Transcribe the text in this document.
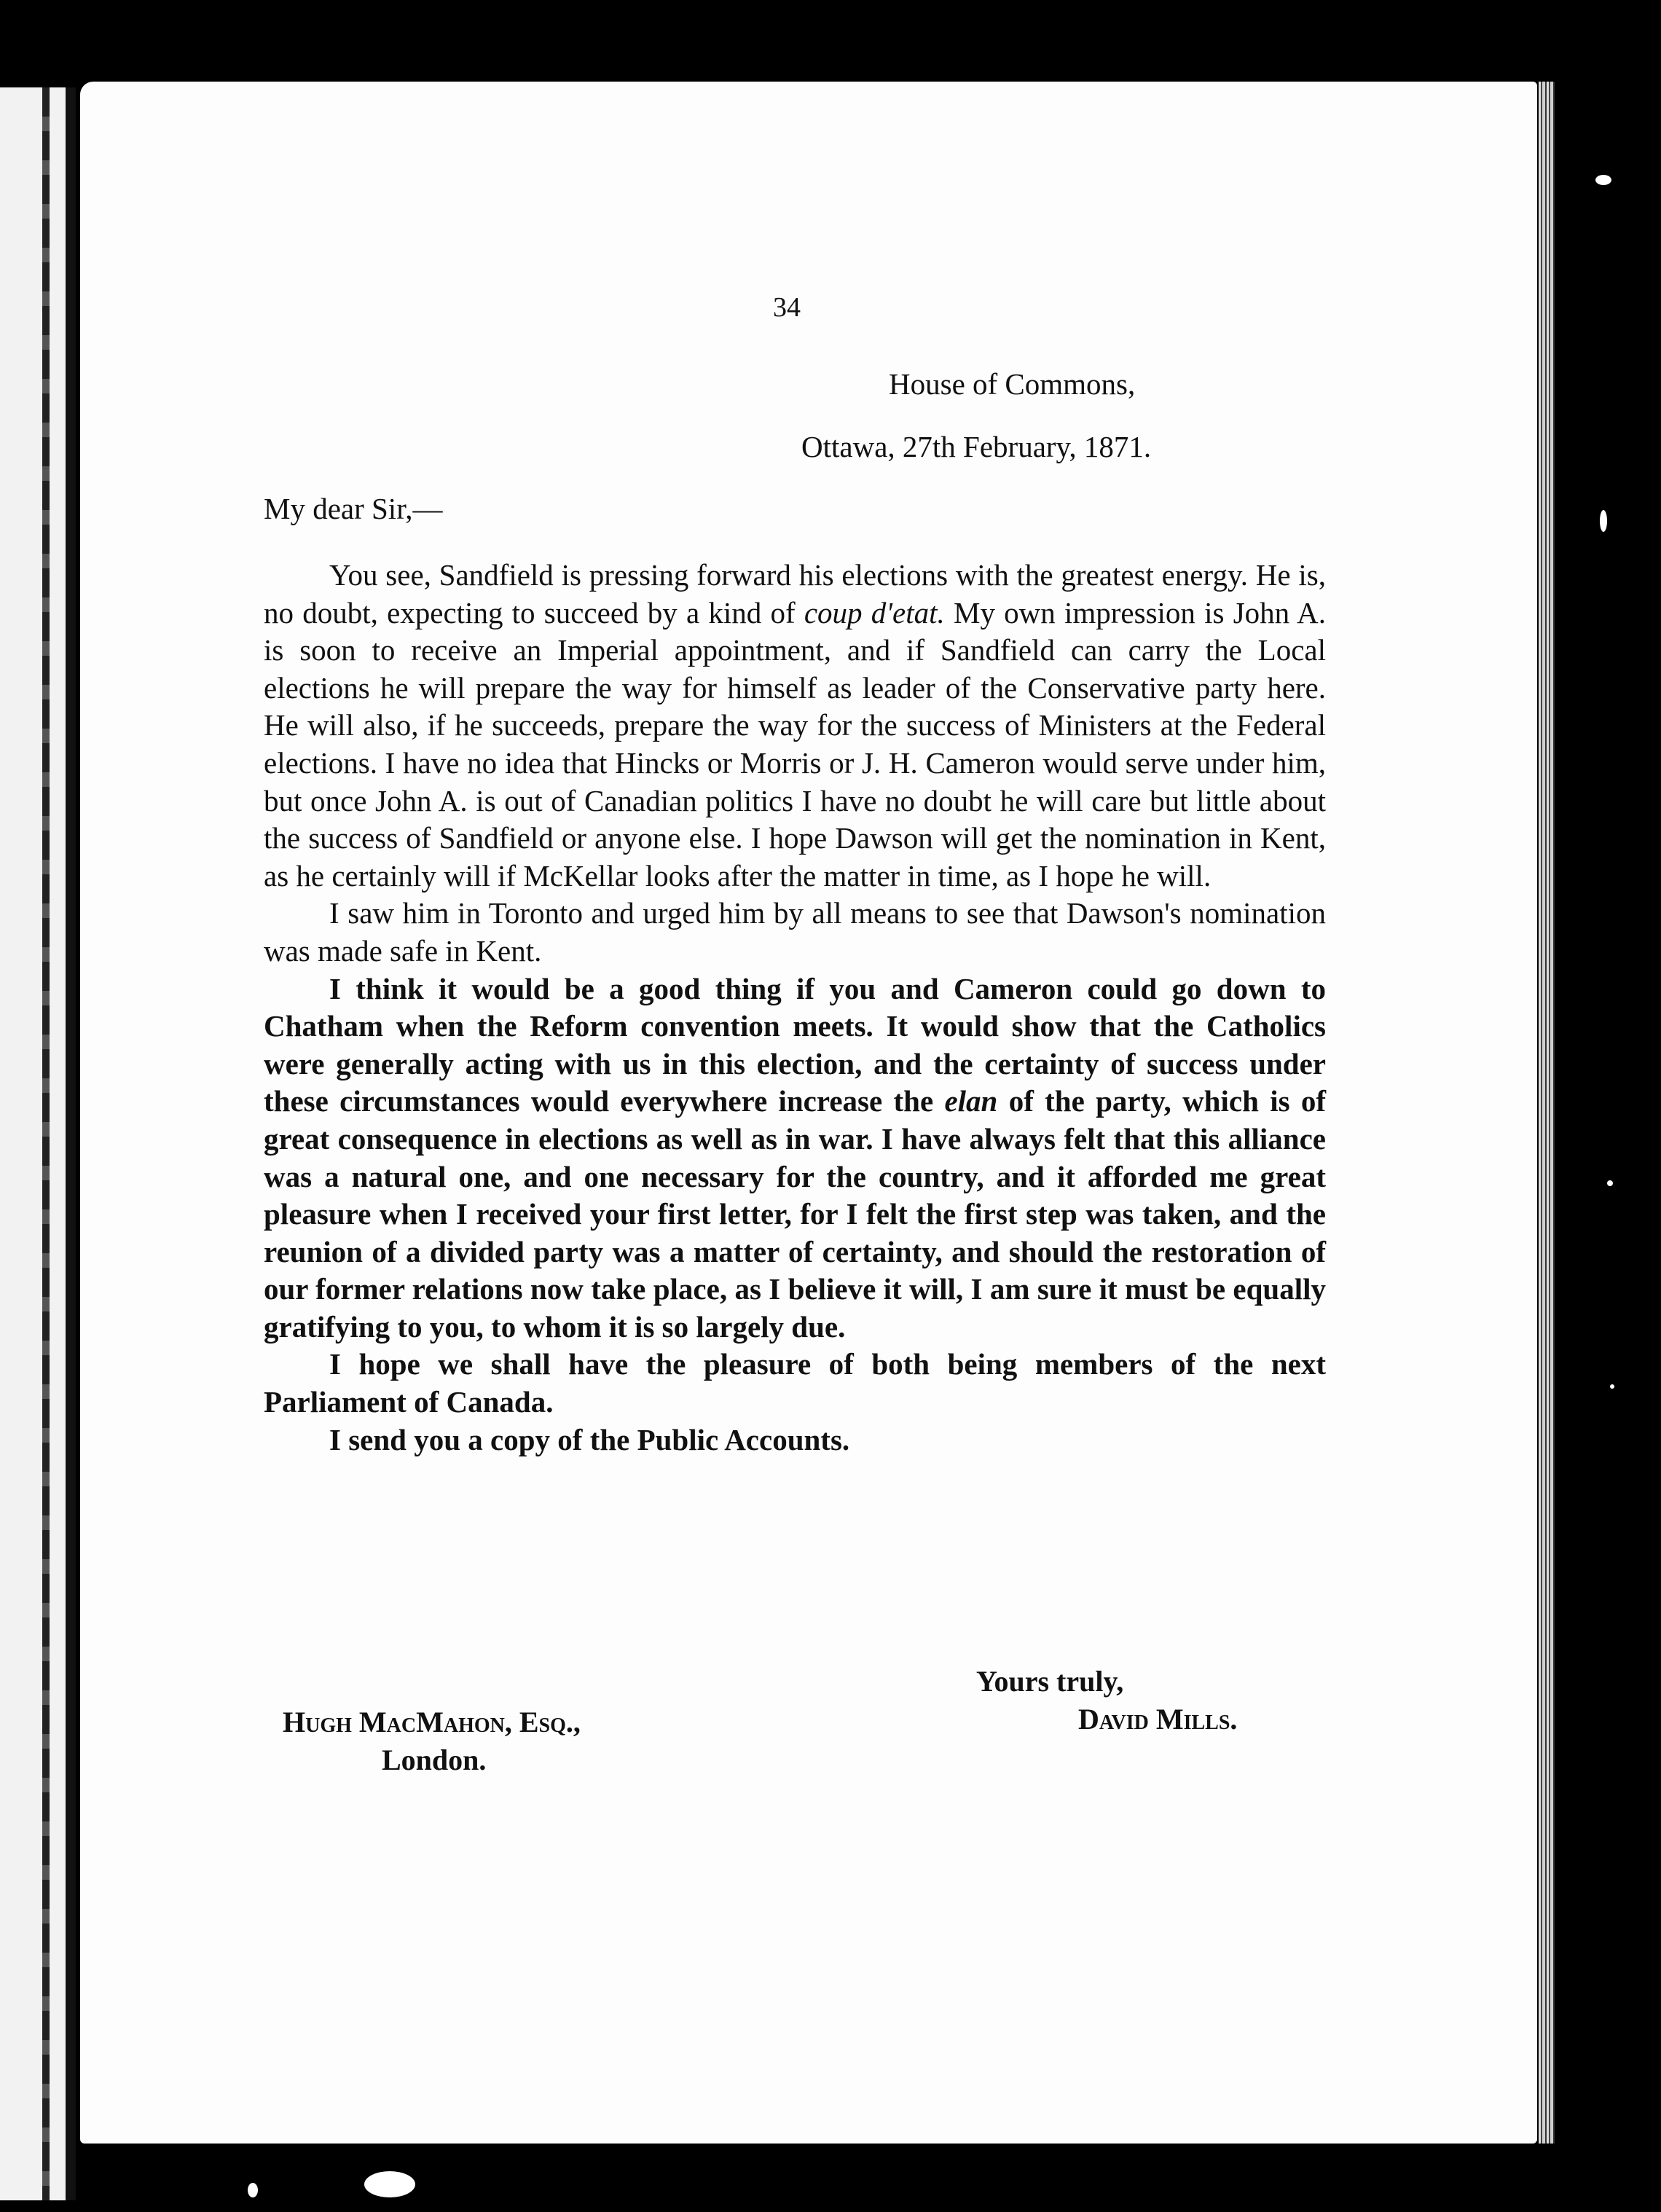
34
House of Commons,
Ottawa, 27th February, 1871.
My dear Sir,—

You see, Sandfield is pressing forward his elections with the greatest energy. He is, no doubt, expecting to succeed by a kind of coup d'etat. My own impression is John A. is soon to receive an Imperial appointment, and if Sandfield can carry the Local elections he will prepare the way for himself as leader of the Conservative party here. He will also, if he succeeds, prepare the way for the success of Ministers at the Federal elections. I have no idea that Hincks or Morris or J. H. Cameron would serve under him, but once John A. is out of Canadian politics I have no doubt he will care but little about the success of Sandfield or anyone else. I hope Dawson will get the nomination in Kent, as he certainly will if McKellar looks after the matter in time, as I hope he will.

I saw him in Toronto and urged him by all means to see that Dawson's nomination was made safe in Kent.

I think it would be a good thing if you and Cameron could go down to Chatham when the Reform convention meets. It would show that the Catholics were generally acting with us in this election, and the certainty of success under these circumstances would everywhere increase the elan of the party, which is of great consequence in elections as well as in war. I have always felt that this alliance was a natural one, and one necessary for the country, and it afforded me great pleasure when I received your first letter, for I felt the first step was taken, and the reunion of a divided party was a matter of certainty, and should the restoration of our former relations now take place, as I believe it will, I am sure it must be equally gratifying to you, to whom it is so largely due.

I hope we shall have the pleasure of both being members of the next Parliament of Canada.

I send you a copy of the Public Accounts.

Yours truly,
David Mills.
Hugh MacMahon, Esq.,
London.
